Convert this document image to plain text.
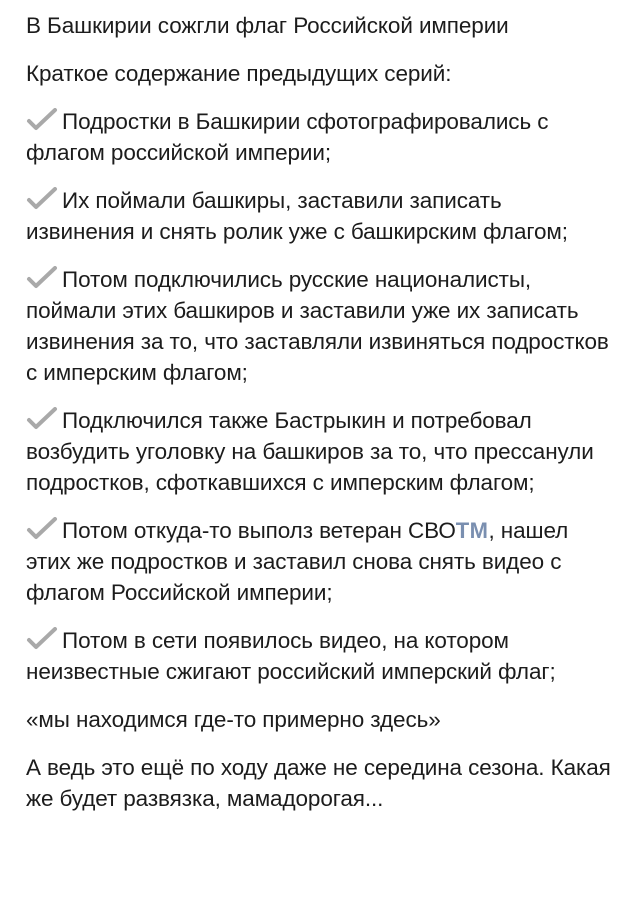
В Башкирии сожгли флаг Российской империи

Краткое содержание предыдущих серий:

Подростки в Башкирии сфотографировались с флагом российской империи;

Их поймали башкиры, заставили записать извинения и снять ролик уже с башкирским флагом;

Потом подключились русские националисты, поймали этих башкиров и заставили уже их записать извинения за то, что заставляли извиняться подростков с имперским флагом;

Подключился также Бастрыкин и потребовал возбудить уголовку на башкиров за то, что прессанули подростков, сфоткавшихся с имперским флагом;

Потом откуда-то выполз ветеран СВОТМ, нашел этих же подростков и заставил снова снять видео с флагом Российской империи;

Потом в сети появилось видео, на котором неизвестные сжигают российский имперский флаг;

«мы находимся где-то примерно здесь»

А ведь это ещё по ходу даже не середина сезона. Какая же будет развязка, мамадорогая...
